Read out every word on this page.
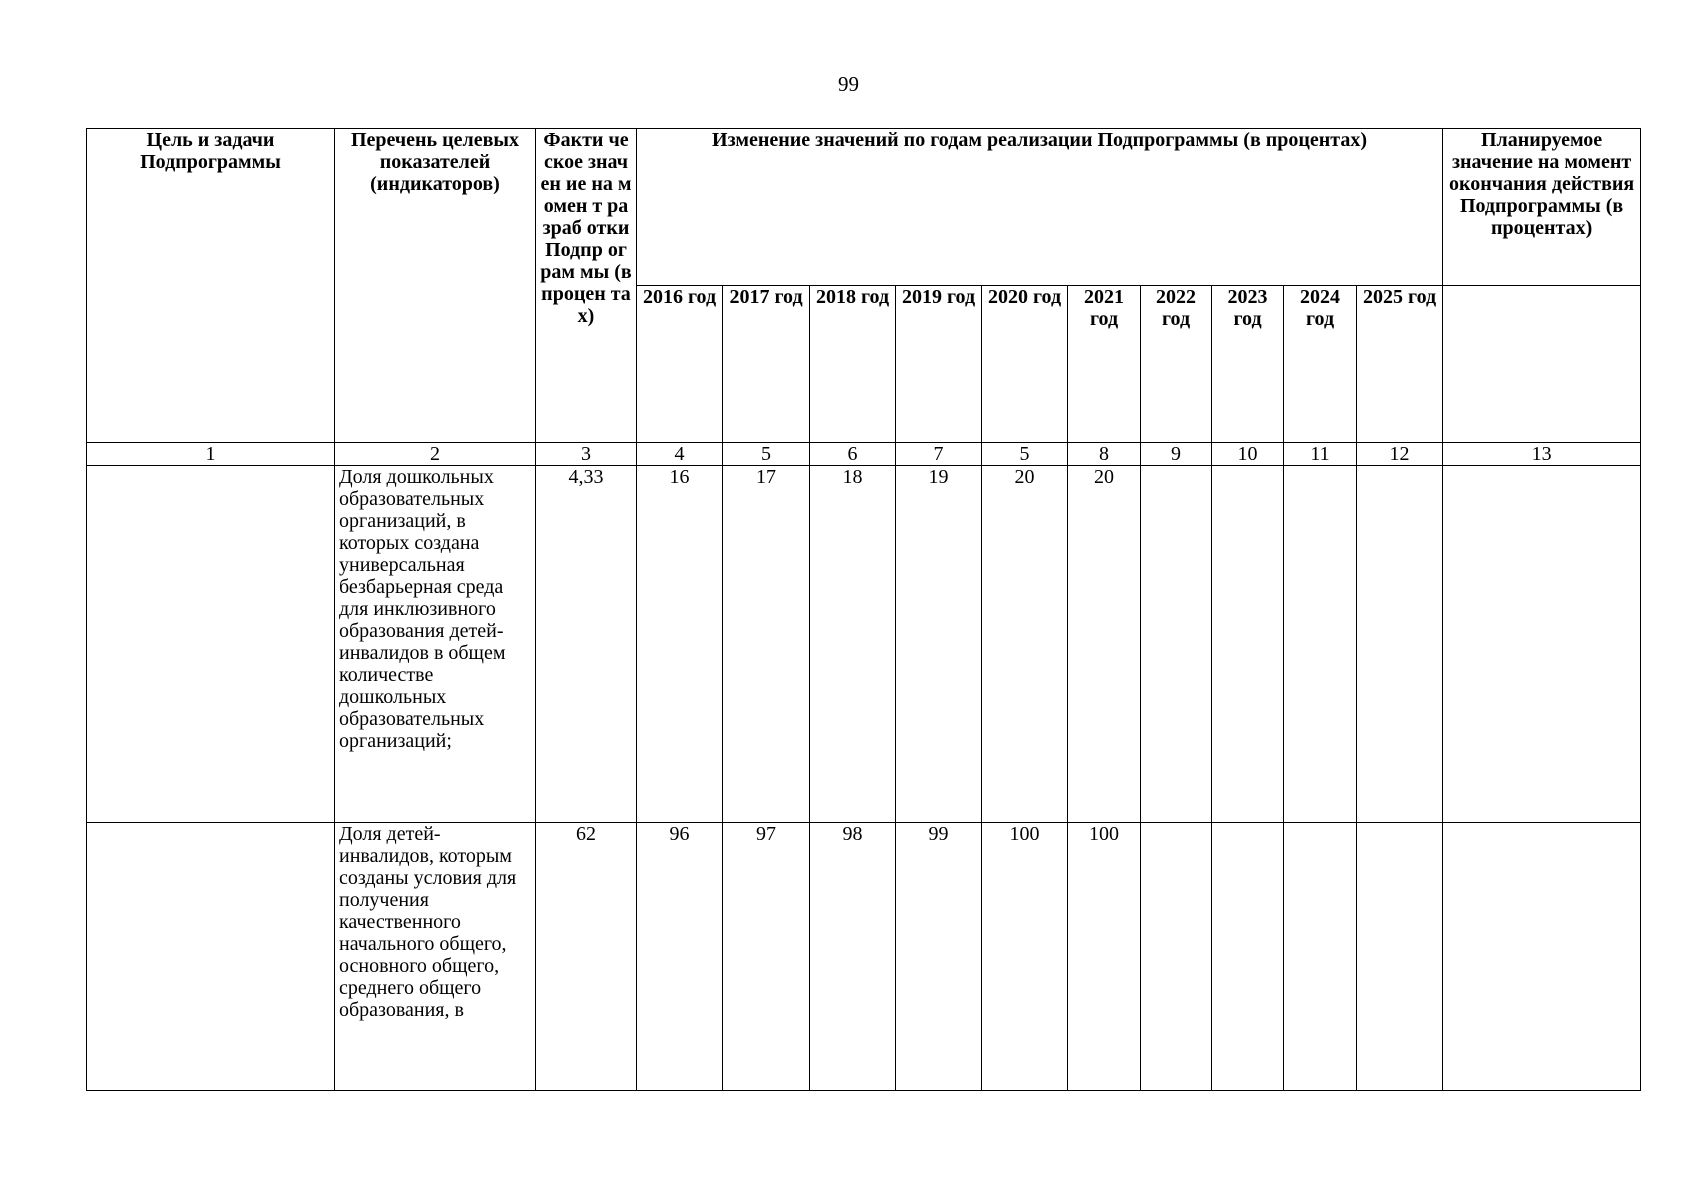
99
Цель и задачи Подпрограммы	Перечень целевых показателей (индикаторов)	Факти ческое значен ие на момен т разраб отки Подпр ограм мы (в процен тах)	Изменение значений по годам реализации Подпрограммы (в процентах)										Планируемое значение на момент окончания действия Подпрограммы (в процентах)
			2016 год	2017 год	2018 год	2019 год	2020 год	2021 год	2022 год	2023 год	2024 год	2025 год	
1	2	3	4	5	6	7	5	8	9	10	11	12	13
	Доля дошкольных образовательных организаций, в которых создана универсальная безбарьерная среда для инклюзивного образования детей-инвалидов в общем количестве дошкольных образовательных организаций;	4,33	16	17	18	19	20	20					
	Доля детей-инвалидов, которым созданы условия для получения качественного начального общего, основного общего, среднего общего образования, в	62	96	97	98	99	100	100					
